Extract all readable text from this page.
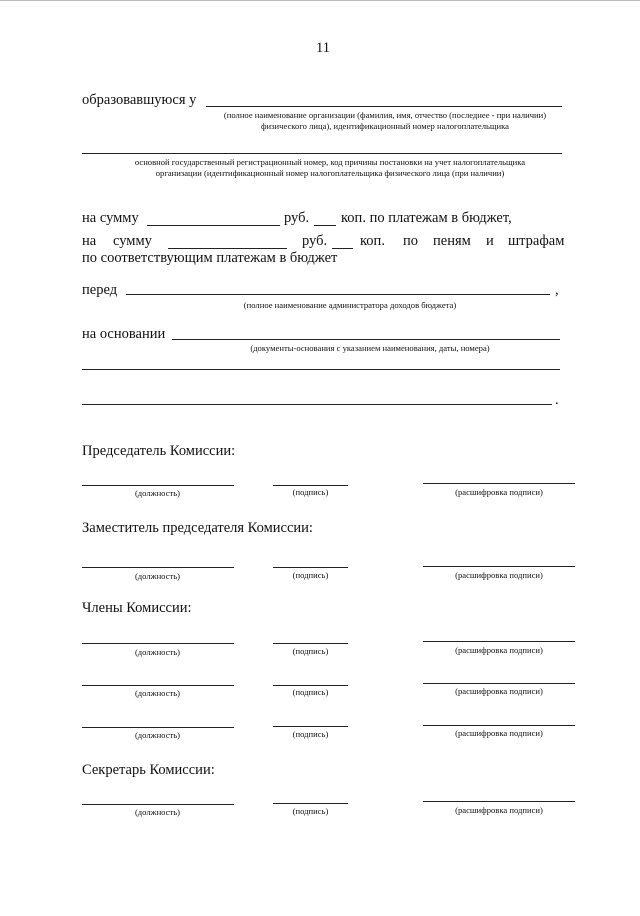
11
образовавшуюся у
(полное наименование организации (фамилия, имя, отчество (последнее - при наличии) физического лица), идентификационный номер налогоплательщика
основной государственный регистрационный номер, код причины постановки на учет налогоплательщика организации (идентификационный номер налогоплательщика физического лица (при наличии)
на сумму	руб. коп. по платежам в бюджет,
на сумму	руб. коп. по пеням и штрафам
по соответствующим платежам в бюджет
перед	,
(полное наименование администратора доходов бюджета)
на основании
(документы-основания с указанием наименования, даты, номера)
.
Председатель Комиссии:
(должность)	(подпись)	(расшифровка подписи)
Заместитель председателя Комиссии:
(должность)	(подпись)	(расшифровка подписи)
Члены Комиссии:
(должность)	(подпись)	(расшифровка подписи)
(должность)	(подпись)	(расшифровка подписи)
(должность)	(подпись)	(расшифровка подписи)
Секретарь Комиссии:
(должность)	(подпись)	(расшифровка подписи)
